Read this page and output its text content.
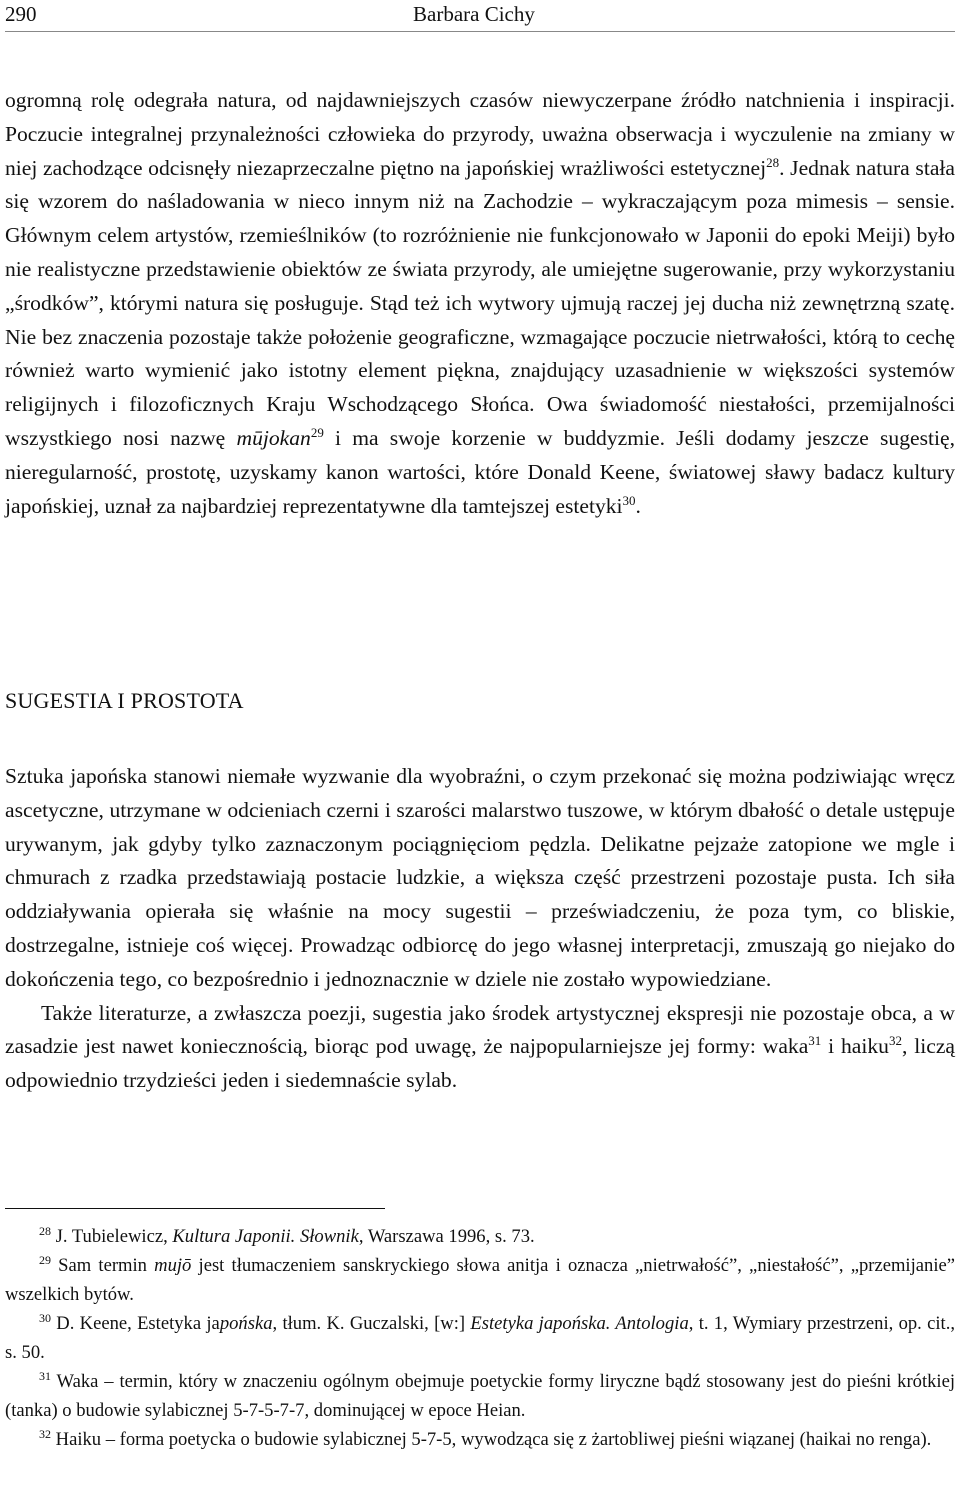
290	Barbara Cichy

ogromną rolę odegrała natura, od najdawniejszych czasów niewyczerpane źródło natchnienia i inspiracji. Poczucie integralnej przynależności człowieka do przyrody, uważna obserwacja i wyczulenie na zmiany w niej zachodzące odcisnęły niezaprzeczalne piętno na japońskiej wrażliwości estetycznej$^{28}$. Jednak natura stała się wzorem do naśladowania w nieco innym niż na Zachodzie – wykraczającym poza mimesis – sensie. Głównym celem artystów, rzemieślników (to rozróżnienie nie funkcjonowało w Japonii do epoki Meiji) było nie realistyczne przedstawienie obiektów ze świata przyrody, ale umiejętne sugerowanie, przy wykorzystaniu „środków”, którymi natura się posługuje. Stąd też ich wytwory ujmują raczej jej ducha niż zewnętrzną szatę. Nie bez znaczenia pozostaje także położenie geograficzne, wzmagające poczucie nietrwałości, którą to cechę również warto wymienić jako istotny element piękna, znajdujący uzasadnienie w większości systemów religijnych i filozoficznych Kraju Wschodzącego Słońca. Owa świadomość niestałości, przemijalności wszystkiego nosi nazwę mūjokan$^{29}$ i ma swoje korzenie w buddyzmie. Jeśli dodamy jeszcze sugestię, nieregularność, prostotę, uzyskamy kanon wartości, które Donald Keene, światowej sławy badacz kultury japońskiej, uznał za najbardziej reprezentatywne dla tamtejszej estetyki$^{30}$.

SUGESTIA I PROSTOTA

Sztuka japońska stanowi niemałe wyzwanie dla wyobraźni, o czym przekonać się można podziwiając wręcz ascetyczne, utrzymane w odcieniach czerni i szarości malarstwo tuszowe, w którym dbałość o detale ustępuje urywanym, jak gdyby tylko zaznaczonym pociągnięciom pędzla. Delikatne pejzaże zatopione we mgle i chmurach z rzadka przedstawiają postacie ludzkie, a większa część przestrzeni pozostaje pusta. Ich siła oddziaływania opierała się właśnie na mocy sugestii – przeświadczeniu, że poza tym, co bliskie, dostrzegalne, istnieje coś więcej. Prowadząc odbiorcę do jego własnej interpretacji, zmuszają go niejako do dokończenia tego, co bezpośrednio i jednoznacznie w dziele nie zostało wypowiedziane.

Także literaturze, a zwłaszcza poezji, sugestia jako środek artystycznej ekspresji nie pozostaje obca, a w zasadzie jest nawet koniecznością, biorąc pod uwagę, że najpopularniejsze jej formy: waka$^{31}$ i haiku$^{32}$, liczą odpowiednio trzydzieści jeden i siedemnaście sylab.

$^{28}$ J. Tubielewicz, Kultura Japonii. Słownik, Warszawa 1996, s. 73.

$^{29}$ Sam termin mujō jest tłumaczeniem sanskryckiego słowa anitja i oznacza „nietrwałość”, „niestałość”, „przemijanie” wszelkich bytów.

$^{30}$ D. Keene, Estetyka japońska, tłum. K. Guczalski, [w:] Estetyka japońska. Antologia, t. 1, Wymiary przestrzeni, op. cit., s. 50.

$^{31}$ Waka – termin, który w znaczeniu ogólnym obejmuje poetyckie formy liryczne bądź stosowany jest do pieśni krótkiej (tanka) o budowie sylabicznej 5-7-5-7-7, dominującej w epoce Heian.

$^{32}$ Haiku – forma poetycka o budowie sylabicznej 5-7-5, wywodząca się z żartobliwej pieśni wiązanej (haikai no renga).
